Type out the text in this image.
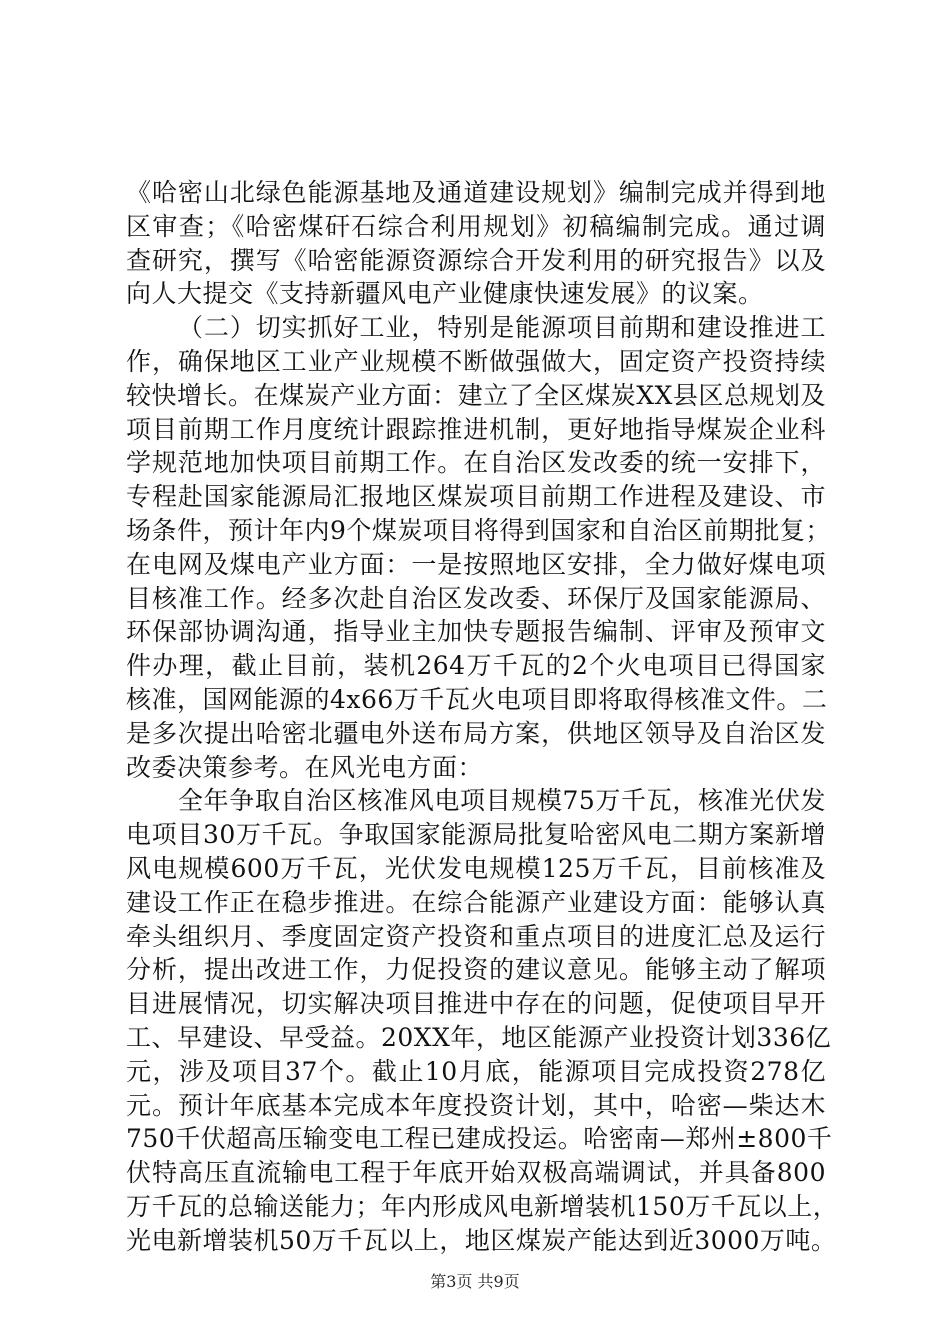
《哈密山北绿色能源基地及通道建设规划》编制完成并得到地
区审查；《哈密煤矸石综合利用规划》初稿编制完成。通过调
查研究，撰写《哈密能源资源综合开发利用的研究报告》以及
向人大提交《支持新疆风电产业健康快速发展》的议案。
（二）切实抓好工业，特别是能源项目前期和建设推进工
作，确保地区工业产业规模不断做强做大，固定资产投资持续
较快增长。在煤炭产业方面：建立了全区煤炭XX县区总规划及
项目前期工作月度统计跟踪推进机制，更好地指导煤炭企业科
学规范地加快项目前期工作。在自治区发改委的统一安排下，
专程赴国家能源局汇报地区煤炭项目前期工作进程及建设、市
场条件，预计年内9个煤炭项目将得到国家和自治区前期批复；
在电网及煤电产业方面：一是按照地区安排，全力做好煤电项
目核准工作。经多次赴自治区发改委、环保厅及国家能源局、
环保部协调沟通，指导业主加快专题报告编制、评审及预审文
件办理，截止目前，装机264万千瓦的2个火电项目已得国家
核准，国网能源的4x66万千瓦火电项目即将取得核准文件。二
是多次提出哈密北疆电外送布局方案，供地区领导及自治区发
改委决策参考。在风光电方面：
全年争取自治区核准风电项目规模75万千瓦，核准光伏发
电项目30万千瓦。争取国家能源局批复哈密风电二期方案新增
风电规模600万千瓦，光伏发电规模125万千瓦，目前核准及
建设工作正在稳步推进。在综合能源产业建设方面：能够认真
牵头组织月、季度固定资产投资和重点项目的进度汇总及运行
分析，提出改进工作，力促投资的建议意见。能够主动了解项
目进展情况，切实解决项目推进中存在的问题，促使项目早开
工、早建设、早受益。20XX年，地区能源产业投资计划336亿
元，涉及项目37个。截止10月底，能源项目完成投资278亿
元。预计年底基本完成本年度投资计划，其中，哈密—柴达木
750千伏超高压输变电工程已建成投运。哈密南—郑州±800千
伏特高压直流输电工程于年底开始双极高端调试，并具备800
万千瓦的总输送能力；年内形成风电新增装机150万千瓦以上，
光电新增装机50万千瓦以上，地区煤炭产能达到近3000万吨。
第3页 共9页
